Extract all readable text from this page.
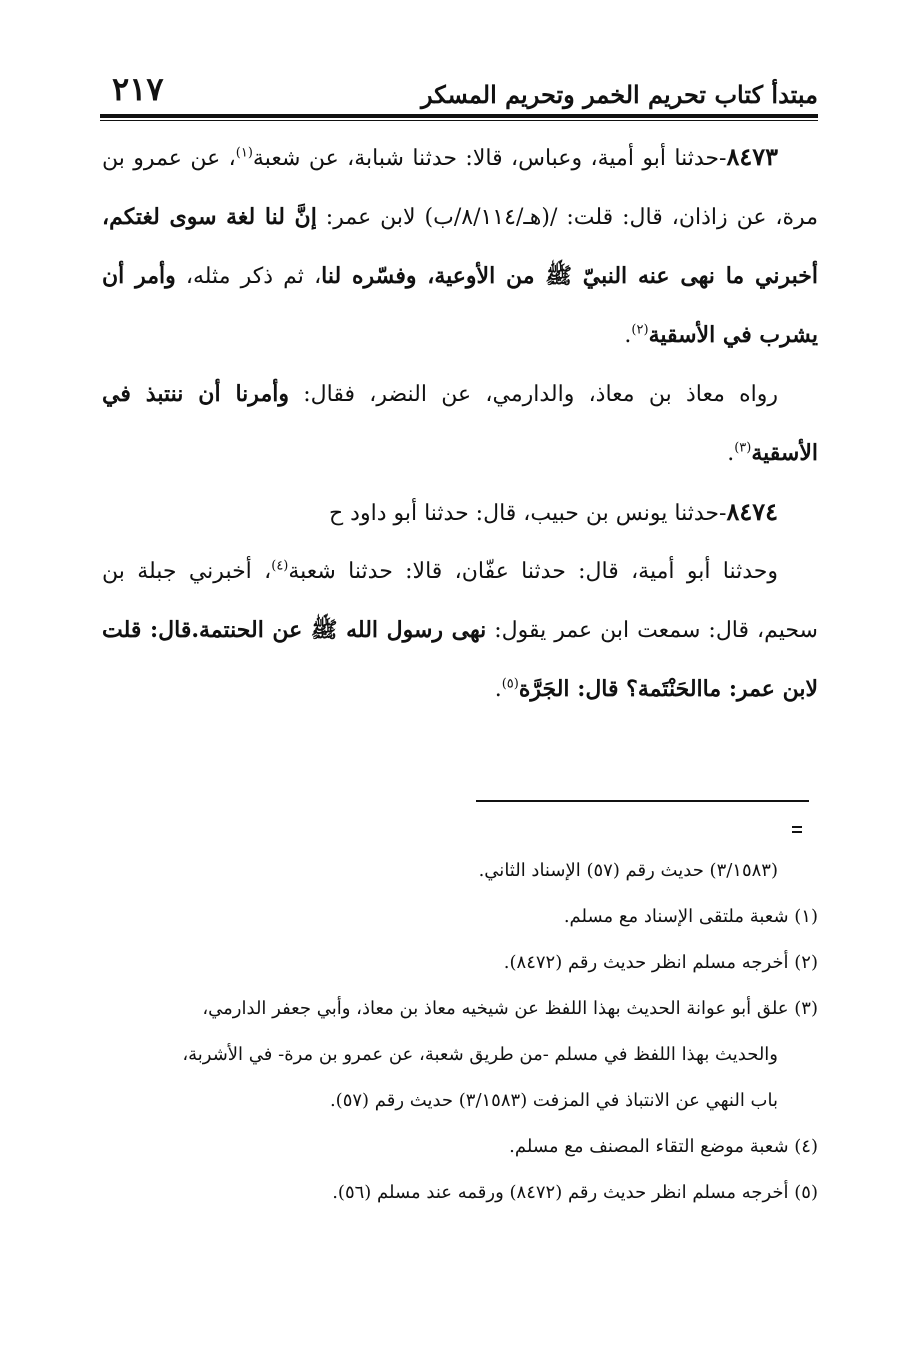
مبتدأ كتاب تحريم الخمر وتحريم المسكر
٢١٧

٨٤٧٣-حدثنا أبو أمية، وعباس، قالا: حدثنا شبابة، عن شعبة$^{(١)}$، عن عمرو بن مرة، عن زاذان، قال: قلت: /(هـ/٨/١١٤/ب) لابن عمر: إنَّ لنا لغة سوى لغتكم، أخبرني ما نهى عنه النبيّ ﷺ من الأوعية، وفسّره لنا، ثم ذكر مثله، وأمر أن يشرب في الأسقية$^{(٢)}$.

رواه معاذ بن معاذ، والدارمي، عن النضر، فقال: وأمرنا أن ننتبذ في الأسقية$^{(٣)}$.

٨٤٧٤-حدثنا يونس بن حبيب، قال: حدثنا أبو داود ح

وحدثنا أبو أمية، قال: حدثنا عفّان، قالا: حدثنا شعبة$^{(٤)}$، أخبرني جبلة بن سحيم، قال: سمعت ابن عمر يقول: نهى رسول الله ﷺ عن الحنتمة.قال: قلت لابن عمر: ماالحَنْتَمة؟ قال: الجَرَّة$^{(٥)}$.

(٣/١٥٨٣) حديث رقم (٥٧) الإسناد الثاني.

(١) شعبة ملتقى الإسناد مع مسلم.

(٢) أخرجه مسلم انظر حديث رقم (٨٤٧٢).

(٣) علق أبو عوانة الحديث بهذا اللفظ عن شيخيه معاذ بن معاذ، وأبي جعفر الدارمي،

والحديث بهذا اللفظ في مسلم -من طريق شعبة، عن عمرو بن مرة- في الأشربة،

باب النهي عن الانتباذ في المزفت (٣/١٥٨٣) حديث رقم (٥٧).

(٤) شعبة موضع التقاء المصنف مع مسلم.

(٥) أخرجه مسلم انظر حديث رقم (٨٤٧٢) ورقمه عند مسلم (٥٦).
